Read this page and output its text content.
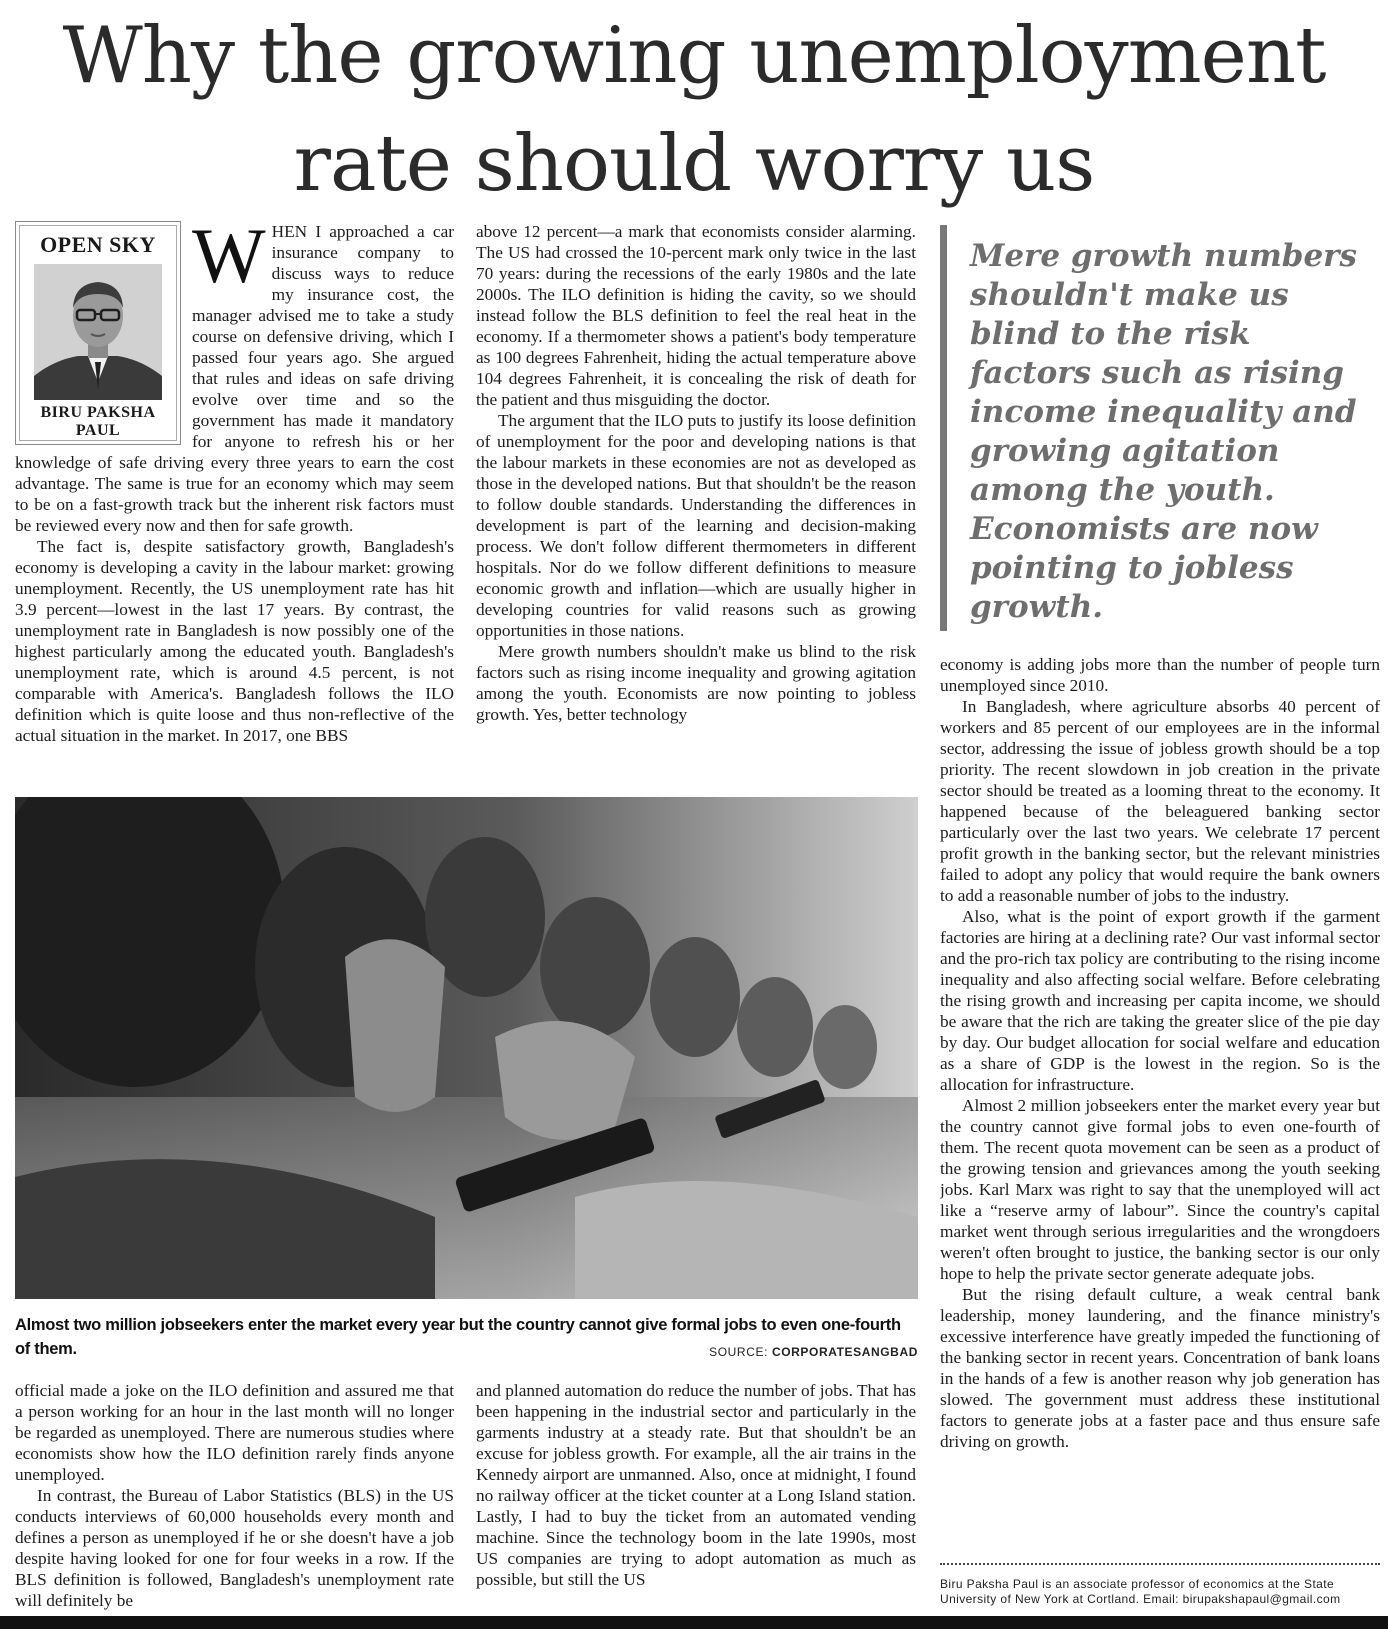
Why the growing unemployment
rate should worry us
OPEN SKY
BIRU PAKSHA
PAUL

WHEN I approached a car insurance company to discuss ways to reduce my insurance cost, the manager advised me to take a study course on defensive driving, which I passed four years ago. She argued that rules and ideas on safe driving evolve over time and so the government has made it mandatory for anyone to refresh his or her knowledge of safe driving every three years to earn the cost advantage. The same is true for an economy which may seem to be on a fast-growth track but the inherent risk factors must be reviewed every now and then for safe growth.

The fact is, despite satisfactory growth, Bangladesh's economy is developing a cavity in the labour market: growing unemployment. Recently, the US unemployment rate has hit 3.9 percent—lowest in the last 17 years. By contrast, the unemployment rate in Bangladesh is now possibly one of the highest particularly among the educated youth. Bangladesh's unemployment rate, which is around 4.5 percent, is not comparable with America's. Bangladesh follows the ILO definition which is quite loose and thus non-reflective of the actual situation in the market. In 2017, one BBS

above 12 percent—a mark that economists consider alarming. The US had crossed the 10-percent mark only twice in the last 70 years: during the recessions of the early 1980s and the late 2000s. The ILO definition is hiding the cavity, so we should instead follow the BLS definition to feel the real heat in the economy. If a thermometer shows a patient's body temperature as 100 degrees Fahrenheit, hiding the actual temperature above 104 degrees Fahrenheit, it is concealing the risk of death for the patient and thus misguiding the doctor.

The argument that the ILO puts to justify its loose definition of unemployment for the poor and developing nations is that the labour markets in these economies are not as developed as those in the developed nations. But that shouldn't be the reason to follow double standards. Understanding the differences in development is part of the learning and decision-making process. We don't follow different thermometers in different hospitals. Nor do we follow different definitions to measure economic growth and inflation—which are usually higher in developing countries for valid reasons such as growing opportunities in those nations.

Mere growth numbers shouldn't make us blind to the risk factors such as rising income inequality and growing agitation among the youth. Economists are now pointing to jobless growth. Yes, better technology

Mere growth numbers shouldn't make us blind to the risk factors such as rising income inequality and growing agitation among the youth. Economists are now pointing to jobless growth.

economy is adding jobs more than the number of people turn unemployed since 2010.

In Bangladesh, where agriculture absorbs 40 percent of workers and 85 percent of our employees are in the informal sector, addressing the issue of jobless growth should be a top priority. The recent slowdown in job creation in the private sector should be treated as a looming threat to the economy. It happened because of the beleaguered banking sector particularly over the last two years. We celebrate 17 percent profit growth in the banking sector, but the relevant ministries failed to adopt any policy that would require the bank owners to add a reasonable number of jobs to the industry.

Also, what is the point of export growth if the garment factories are hiring at a declining rate? Our vast informal sector and the pro-rich tax policy are contributing to the rising income inequality and also affecting social welfare. Before celebrating the rising growth and increasing per capita income, we should be aware that the rich are taking the greater slice of the pie day by day. Our budget allocation for social welfare and education as a share of GDP is the lowest in the region. So is the allocation for infrastructure.

Almost 2 million jobseekers enter the market every year but the country cannot give formal jobs to even one-fourth of them. The recent quota movement can be seen as a product of the growing tension and grievances among the youth seeking jobs. Karl Marx was right to say that the unemployed will act like a “reserve army of labour”. Since the country's capital market went through serious irregularities and the wrongdoers weren't often brought to justice, the banking sector is our only hope to help the private sector generate adequate jobs.

But the rising default culture, a weak central bank leadership, money laundering, and the finance ministry's excessive interference have greatly impeded the functioning of the banking sector in recent years. Concentration of bank loans in the hands of a few is another reason why job generation has slowed. The government must address these institutional factors to generate jobs at a faster pace and thus ensure safe driving on growth.

Almost two million jobseekers enter the market every year but the country cannot give formal jobs to even one-fourth of them.	SOURCE: CORPORATESANGBAD

official made a joke on the ILO definition and assured me that a person working for an hour in the last month will no longer be regarded as unemployed. There are numerous studies where economists show how the ILO definition rarely finds anyone unemployed.

In contrast, the Bureau of Labor Statistics (BLS) in the US conducts interviews of 60,000 households every month and defines a person as unemployed if he or she doesn't have a job despite having looked for one for four weeks in a row. If the BLS definition is followed, Bangladesh's unemployment rate will definitely be

and planned automation do reduce the number of jobs. That has been happening in the industrial sector and particularly in the garments industry at a steady rate. But that shouldn't be an excuse for jobless growth. For example, all the air trains in the Kennedy airport are unmanned. Also, once at midnight, I found no railway officer at the ticket counter at a Long Island station. Lastly, I had to buy the ticket from an automated vending machine. Since the technology boom in the late 1990s, most US companies are trying to adopt automation as much as possible, but still the US	Biru Paksha Paul is an associate professor of economics at the State University of New York at Cortland. Email: birupakshapaul@gmail.com
